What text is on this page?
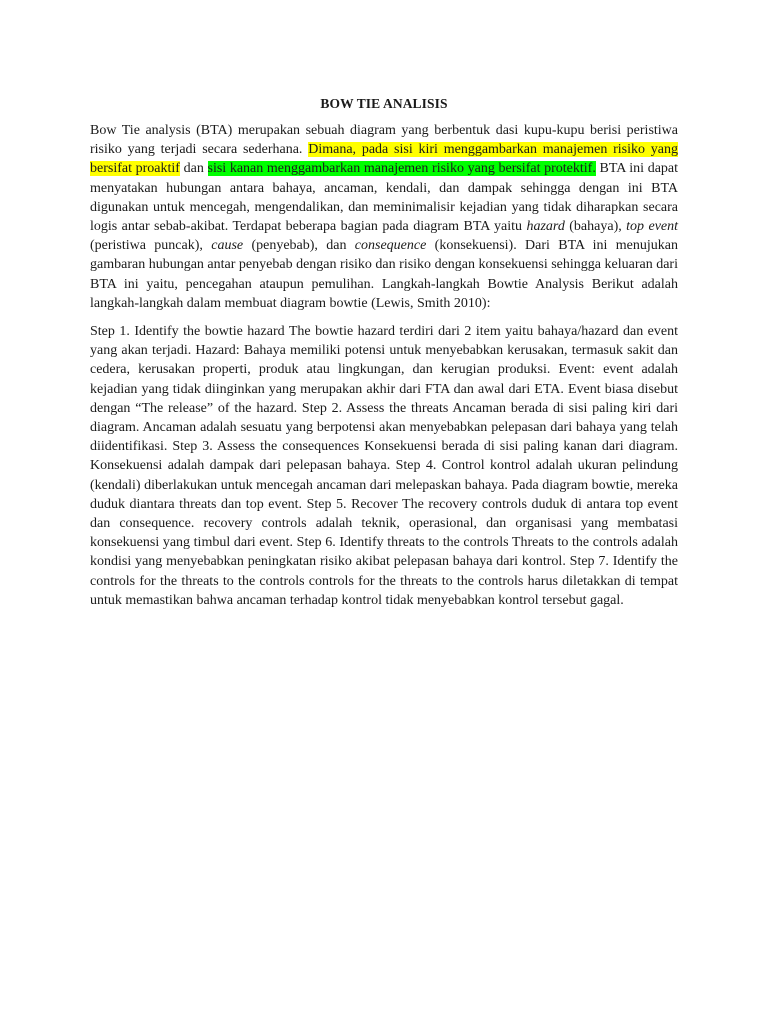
BOW TIE ANALISIS

Bow Tie analysis (BTA) merupakan sebuah diagram yang berbentuk dasi kupu-kupu berisi peristiwa risiko yang terjadi secara sederhana. Dimana, pada sisi kiri menggambarkan manajemen risiko yang bersifat proaktif dan sisi kanan menggambarkan manajemen risiko yang bersifat protektif. BTA ini dapat menyatakan hubungan antara bahaya, ancaman, kendali, dan dampak sehingga dengan ini BTA digunakan untuk mencegah, mengendalikan, dan meminimalisir kejadian yang tidak diharapkan secara logis antar sebab-akibat. Terdapat beberapa bagian pada diagram BTA yaitu hazard (bahaya), top event (peristiwa puncak), cause (penyebab), dan consequence (konsekuensi). Dari BTA ini menujukan gambaran hubungan antar penyebab dengan risiko dan risiko dengan konsekuensi sehingga keluaran dari BTA ini yaitu, pencegahan ataupun pemulihan. Langkah-langkah Bowtie Analysis Berikut adalah langkah-langkah dalam membuat diagram bowtie (Lewis, Smith 2010):

Step 1. Identify the bowtie hazard The bowtie hazard terdiri dari 2 item yaitu bahaya/hazard dan event yang akan terjadi. Hazard: Bahaya memiliki potensi untuk menyebabkan kerusakan, termasuk sakit dan cedera, kerusakan properti, produk atau lingkungan, dan kerugian produksi. Event: event adalah kejadian yang tidak diinginkan yang merupakan akhir dari FTA dan awal dari ETA. Event biasa disebut dengan “The release” of the hazard. Step 2. Assess the threats Ancaman berada di sisi paling kiri dari diagram. Ancaman adalah sesuatu yang berpotensi akan menyebabkan pelepasan dari bahaya yang telah diidentifikasi. Step 3. Assess the consequences Konsekuensi berada di sisi paling kanan dari diagram. Konsekuensi adalah dampak dari pelepasan bahaya. Step 4. Control kontrol adalah ukuran pelindung (kendali) diberlakukan untuk mencegah ancaman dari melepaskan bahaya. Pada diagram bowtie, mereka duduk diantara threats dan top event. Step 5. Recover The recovery controls duduk di antara top event dan consequence. recovery controls adalah teknik, operasional, dan organisasi yang membatasi konsekuensi yang timbul dari event. Step 6. Identify threats to the controls Threats to the controls adalah kondisi yang menyebabkan peningkatan risiko akibat pelepasan bahaya dari kontrol. Step 7. Identify the controls for the threats to the controls controls for the threats to the controls harus diletakkan di tempat untuk memastikan bahwa ancaman terhadap kontrol tidak menyebabkan kontrol tersebut gagal.
